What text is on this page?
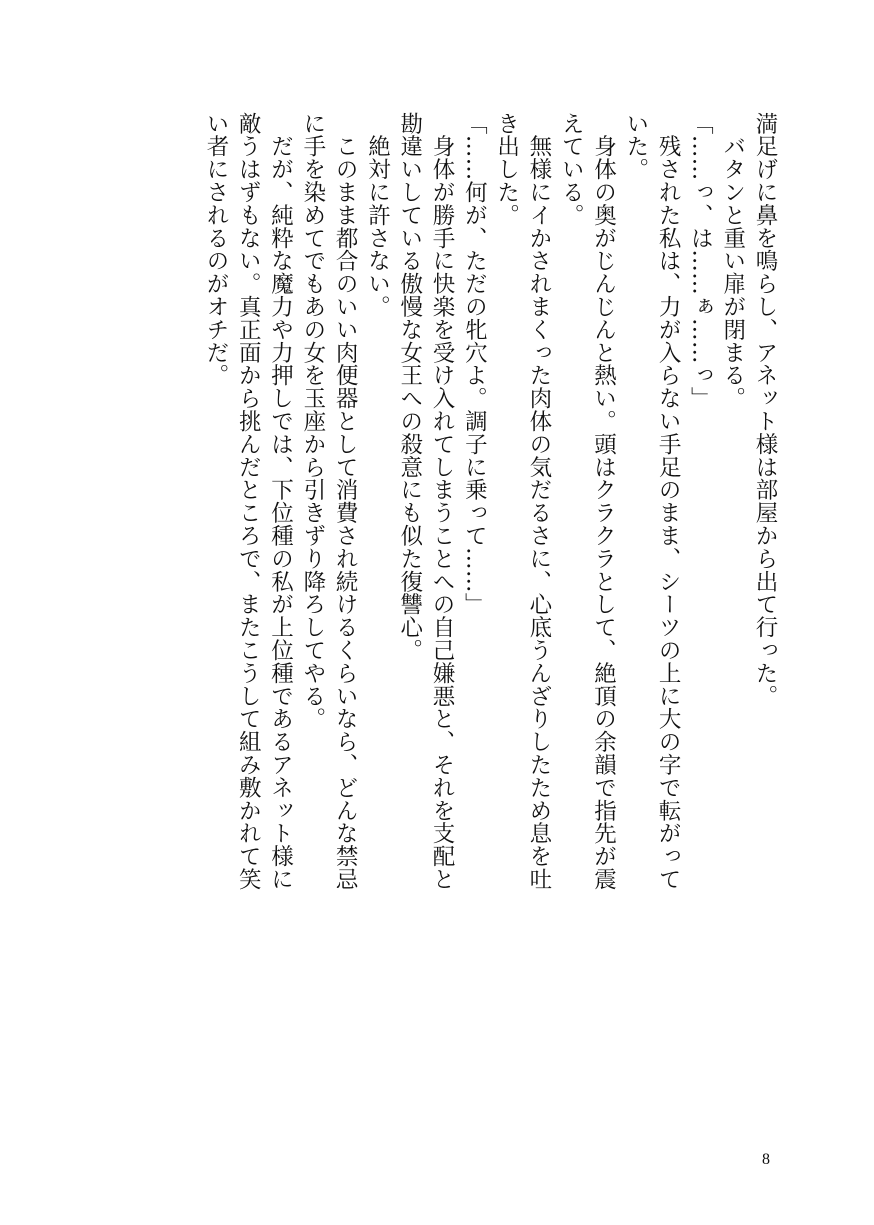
満足げに鼻を鳴らし、アネット様は部屋から出て行った。
　バタンと重い扉が閉まる。
「……っ、は……ぁ……っ」
　残された私は、力が入らない手足のまま、シーツの上に大の字で転がって
いた。
　身体の奥がじんじんと熱い。頭はクラクラとして、絶頂の余韻で指先が震
えている。
　無様にイかされまくった肉体の気だるさに、心底うんざりしたため息を吐
き出した。
「……何が、ただの牝穴よ。調子に乗って……」
　身体が勝手に快楽を受け入れてしまうことへの自己嫌悪と、それを支配と
勘違いしている傲慢な女王への殺意にも似た復讐心。
　絶対に許さない。
　このまま都合のいい肉便器として消費され続けるくらいなら、どんな禁忌
に手を染めてでもあの女を玉座から引きずり降ろしてやる。
　だが、純粋な魔力や力押しでは、下位種の私が上位種であるアネット様に
敵うはずもない。真正面から挑んだところで、またこうして組み敷かれて笑
い者にされるのがオチだ。
8
